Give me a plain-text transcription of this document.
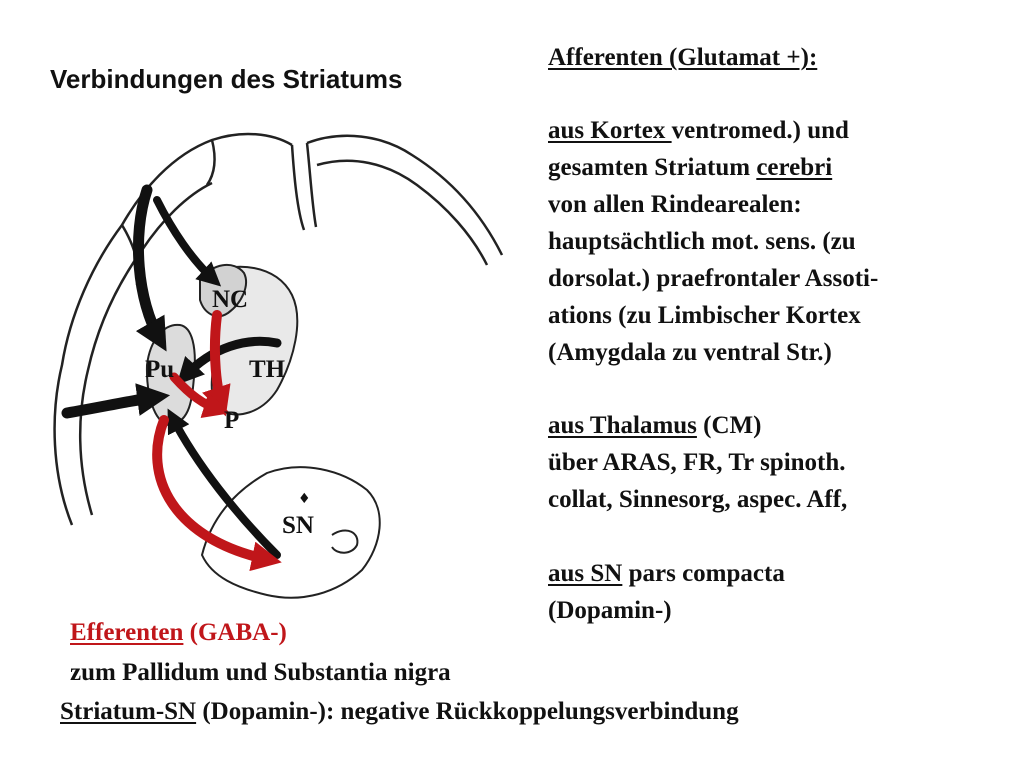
Verbindungen des Striatums
NC
Pu	TH
P
SN
♦
Afferenten (Glutamat +):
aus Kortex ventromed.) und
gesamten Striatum cerebri
von allen Rindearealen:
hauptsächtlich mot. sens. (zu
dorsolat.) praefrontaler Assoti-
ations (zu Limbischer Kortex
(Amygdala zu ventral Str.)
aus Thalamus (CM)
über ARAS, FR, Tr spinoth.
collat, Sinnesorg, aspec. Aff,
aus SN pars compacta
(Dopamin-)
Efferenten (GABA-)
zum Pallidum und Substantia nigra
Striatum-SN (Dopamin-): negative Rückkoppelungsverbindung
